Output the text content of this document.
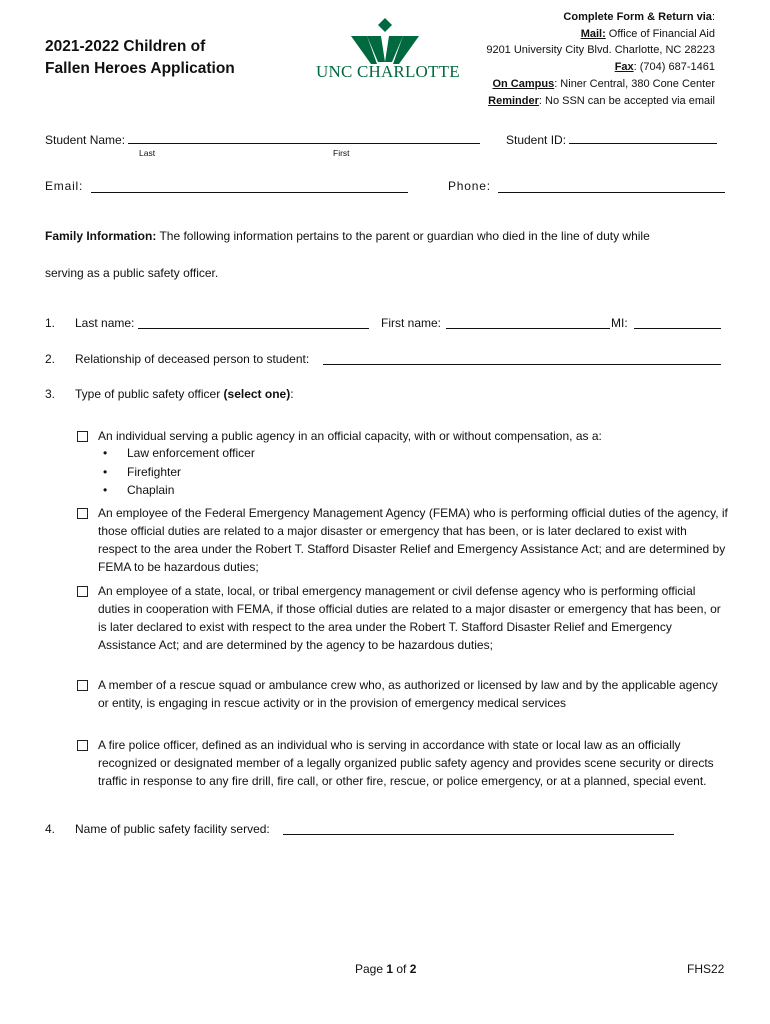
2021-2022 Children of
Fallen Heroes Application	UNC CHARLOTTE
Complete Form & Return via:
Mail: Office of Financial Aid
9201 University City Blvd. Charlotte, NC 28223
Fax: (704) 687-1461
On Campus: Niner Central, 380 Cone Center
Reminder: No SSN can be accepted via email
Student Name:
Last	First
Student ID:
Email:	Phone:
Family Information: The following information pertains to the parent or guardian who died in the line of duty while
serving as a public safety officer.
1. Last name:	First name:	MI:
2. Relationship of deceased person to student:
3. Type of public safety officer (select one):
An individual serving a public agency in an official capacity, with or without compensation, as a:
• Law enforcement officer
• Firefighter
• Chaplain
An employee of the Federal Emergency Management Agency (FEMA) who is performing official duties of the agency, if those official duties are related to a major disaster or emergency that has been, or is later declared to exist with respect to the area under the Robert T. Stafford Disaster Relief and Emergency Assistance Act; and are determined by FEMA to be hazardous duties;
An employee of a state, local, or tribal emergency management or civil defense agency who is performing official duties in cooperation with FEMA, if those official duties are related to a major disaster or emergency that has been, or is later declared to exist with respect to the area under the Robert T. Stafford Disaster Relief and Emergency Assistance Act; and are determined by the agency to be hazardous duties;
A member of a rescue squad or ambulance crew who, as authorized or licensed by law and by the applicable agency or entity, is engaging in rescue activity or in the provision of emergency medical services
A fire police officer, defined as an individual who is serving in accordance with state or local law as an officially recognized or designated member of a legally organized public safety agency and provides scene security or directs traffic in response to any fire drill, fire call, or other fire, rescue, or police emergency, or at a planned, special event.
4. Name of public safety facility served:
Page 1 of 2	FHS22
